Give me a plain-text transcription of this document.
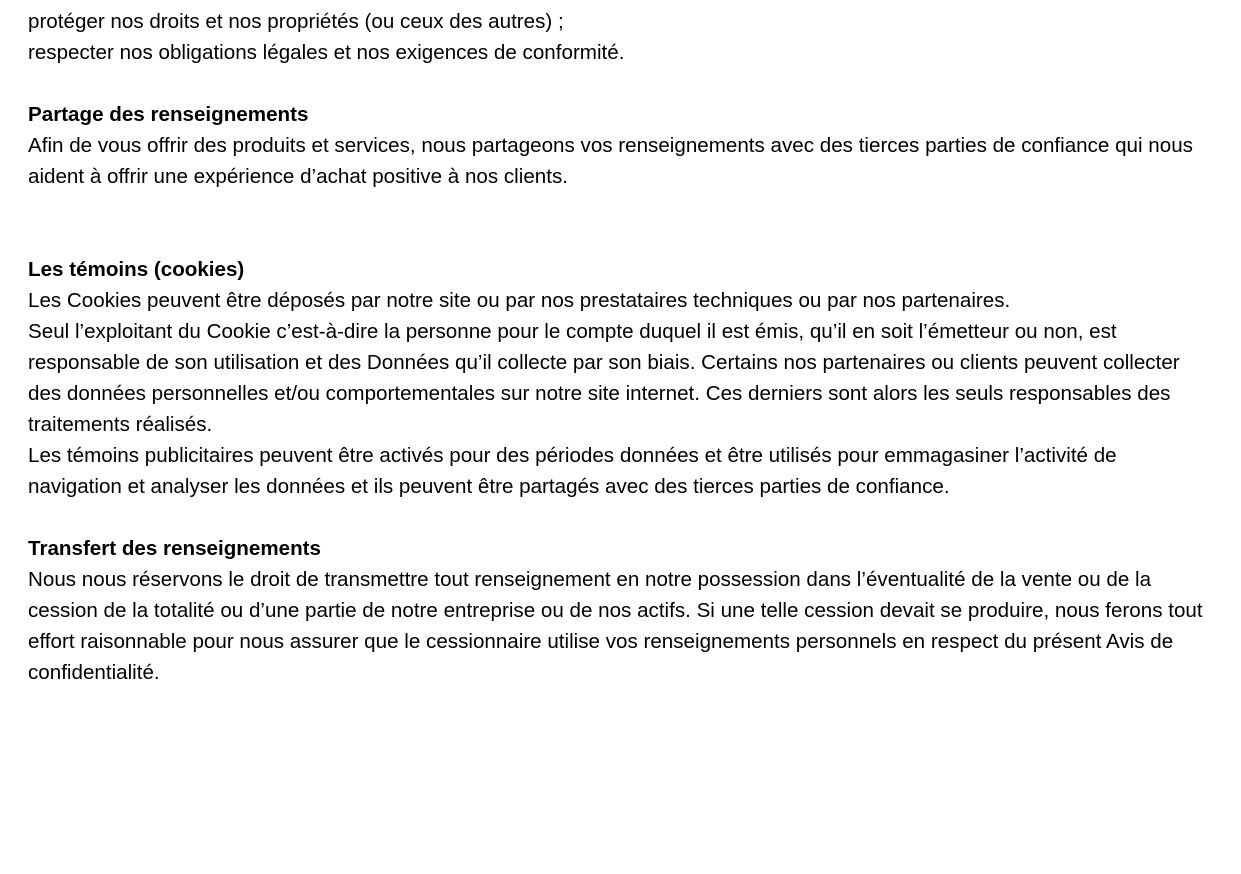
protéger nos droits et nos propriétés (ou ceux des autres) ;
respecter nos obligations légales et nos exigences de conformité.
Partage des renseignements
Afin de vous offrir des produits et services, nous partageons vos renseignements avec des tierces parties de confiance qui nous aident à offrir une expérience d’achat positive à nos clients.
Les témoins (cookies)
Les Cookies peuvent être déposés par notre site ou par nos prestataires techniques ou par nos partenaires.
Seul l’exploitant du Cookie c’est-à-dire la personne pour le compte duquel il est émis, qu’il en soit l’émetteur ou non, est responsable de son utilisation et des Données qu’il collecte par son biais. Certains nos partenaires ou clients peuvent collecter des données personnelles et/ou comportementales sur notre site internet. Ces derniers sont alors les seuls responsables des traitements réalisés.
Les témoins publicitaires peuvent être activés pour des périodes données et être utilisés pour emmagasiner l’activité de navigation et analyser les données et ils peuvent être partagés avec des tierces parties de confiance.
Transfert des renseignements
Nous nous réservons le droit de transmettre tout renseignement en notre possession dans l’éventualité de la vente ou de la cession de la totalité ou d’une partie de notre entreprise ou de nos actifs. Si une telle cession devait se produire, nous ferons tout effort raisonnable pour nous assurer que le cessionnaire utilise vos renseignements personnels en respect du présent Avis de confidentialité.
